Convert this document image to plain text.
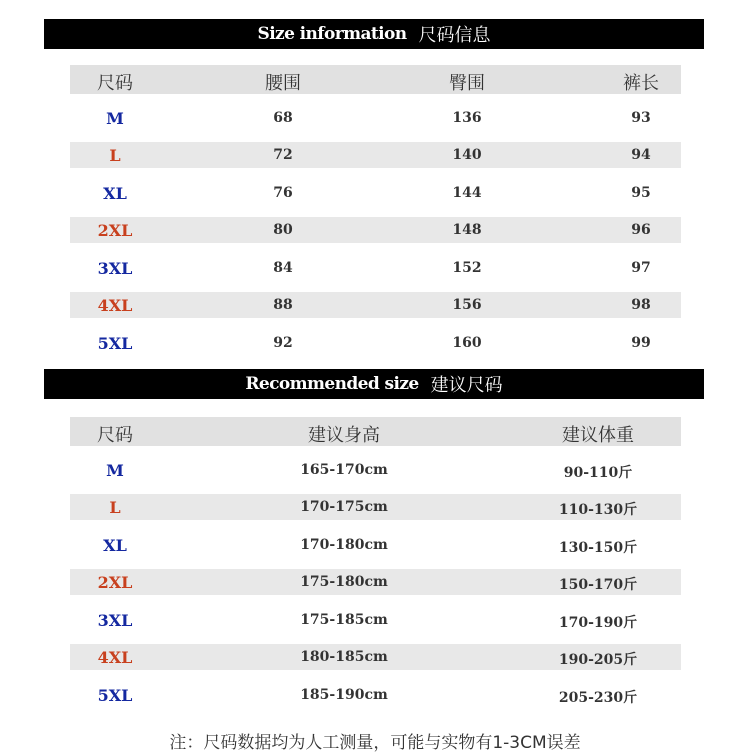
Size information 尺码信息
尺码	腰围	臀围	裤长
M	68	136	93
L	72	140	94
XL	76	144	95
2XL	80	148	96
3XL	84	152	97
4XL	88	156	98
5XL	92	160	99
Recommended size 建议尺码
尺码	建议身高	建议体重
M	165-170cm	90-110斤
L	170-175cm	110-130斤
XL	170-180cm	130-150斤
2XL	175-180cm	150-170斤
3XL	175-185cm	170-190斤
4XL	180-185cm	190-205斤
5XL	185-190cm	205-230斤
注：尺码数据均为人工测量，可能与实物有1-3CM误差
